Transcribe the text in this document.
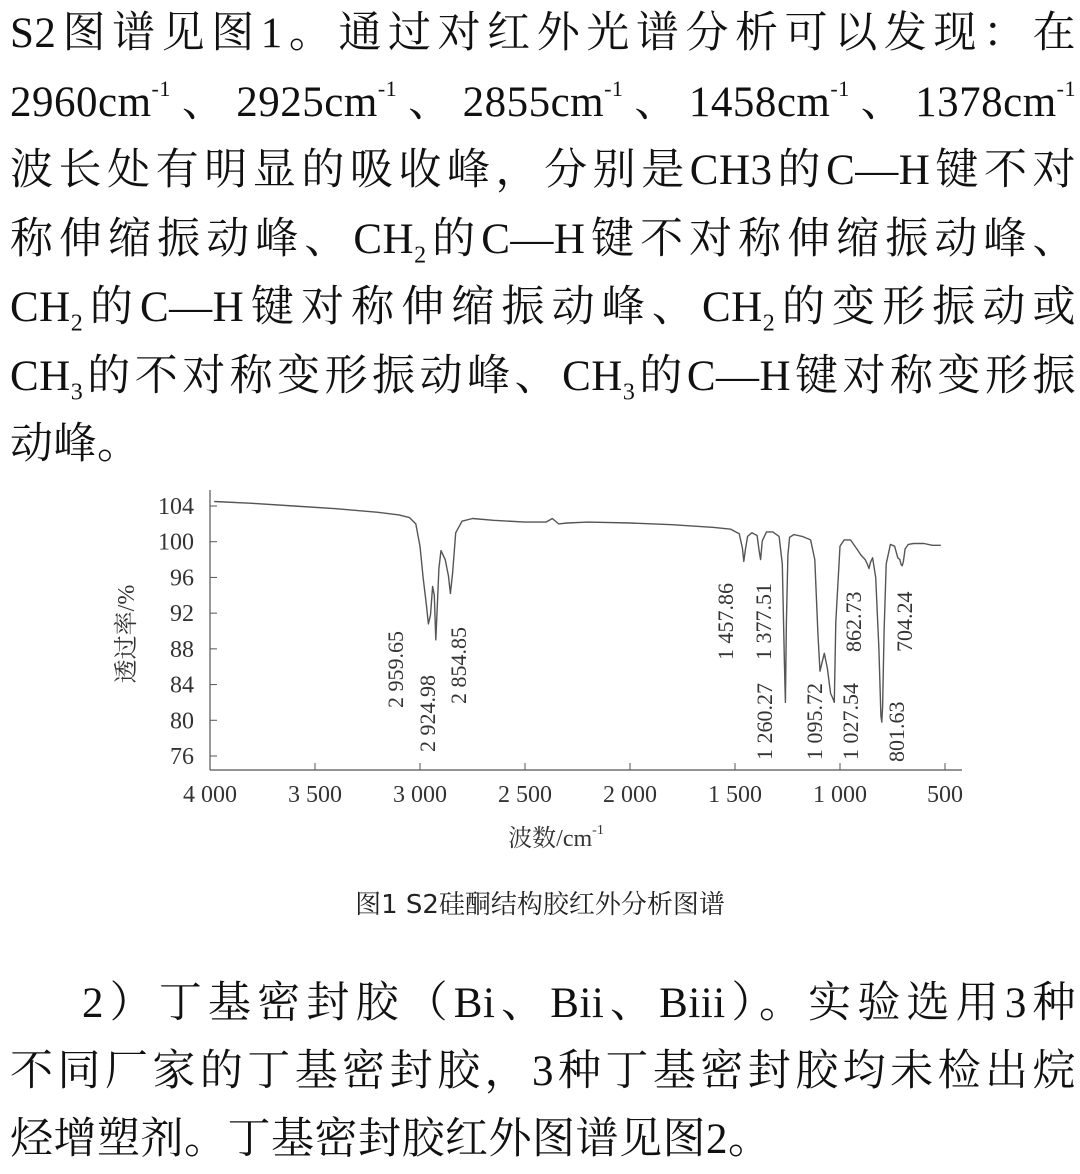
S2图谱见图1。通过对红外光谱分析可以发现：在
$2960cm^{-1}$、$2925cm^{-1}$、$2855cm^{-1}$、$1458cm^{-1}$、$1378cm^{-1}$
波长处有明显的吸收峰，分别是CH3的C—H键不对
称伸缩振动峰、$CH_2$的C—H键不对称伸缩振动峰、
$CH_2$的C—H键对称伸缩振动峰、$CH_2$的变形振动或
$CH_3$的不对称变形振动峰、$CH_3$的C—H键对称变形振
动峰。
104
100
96
92
88
84
80
76
4 000 3 500 3 000 2 500 2 000 1 500 1 000	500
2 959.65
2 924.98
2 854.85
1 457.86 1 377.51
1 260.27 1 095.72 1 027.54
862.73
801.63
704.24
透过率/%
波数$/cm^{-1}$
图1 S2硅酮结构胶红外分析图谱
2）丁基密封胶（Bi、Bii、Biii）。实验选用3种
不同厂家的丁基密封胶，3种丁基密封胶均未检出烷
烃增塑剂。丁基密封胶红外图谱见图2。
